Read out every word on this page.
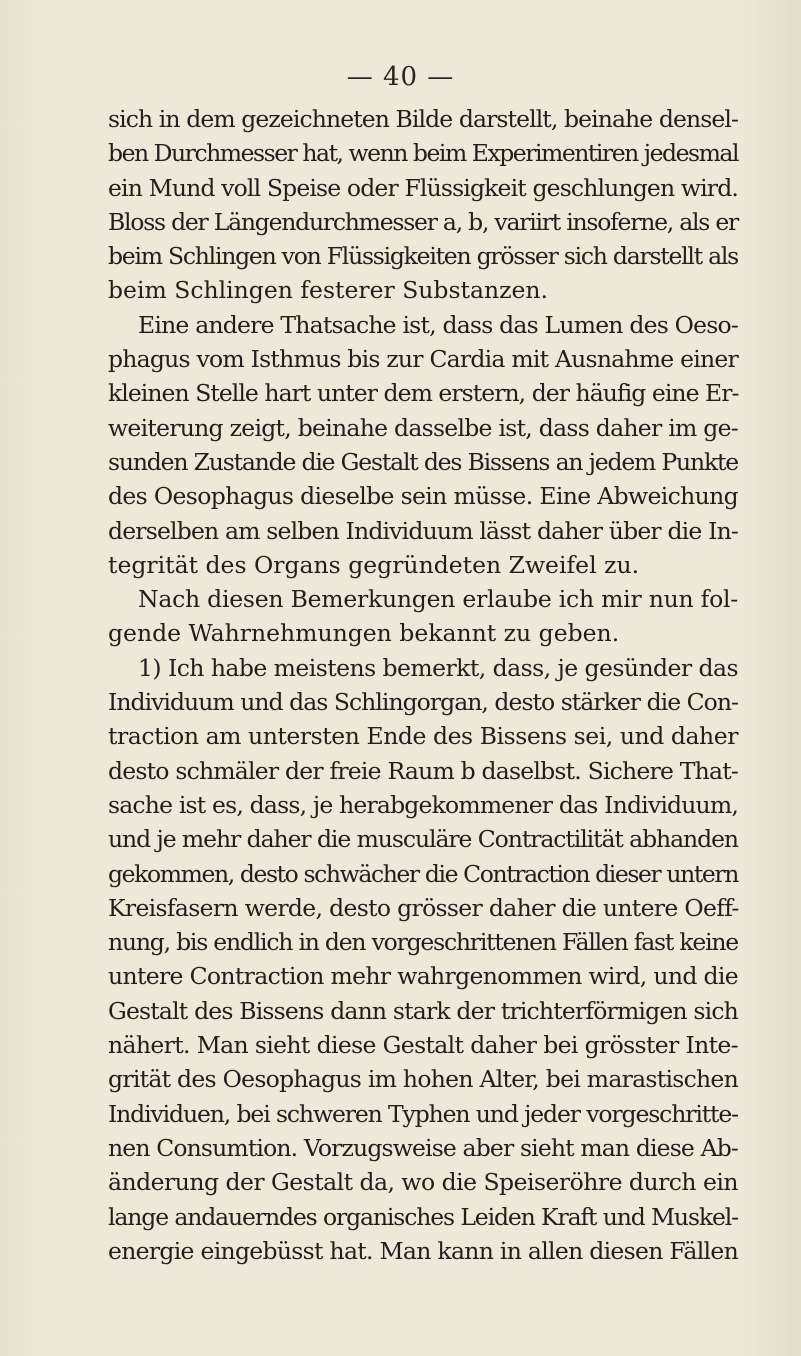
— 40 —
sich in dem gezeichneten Bilde darstellt, beinahe densel-
ben Durchmesser hat, wenn beim Experimentiren jedesmal
ein Mund voll Speise oder Flüssigkeit geschlungen wird.
Bloss der Längendurchmesser a, b, variirt insoferne, als er
beim Schlingen von Flüssigkeiten grösser sich darstellt als
beim Schlingen festerer Substanzen.
Eine andere Thatsache ist, dass das Lumen des Oeso-
phagus vom Isthmus bis zur Cardia mit Ausnahme einer
kleinen Stelle hart unter dem erstern, der häufig eine Er-
weiterung zeigt, beinahe dasselbe ist, dass daher im ge-
sunden Zustande die Gestalt des Bissens an jedem Punkte
des Oesophagus dieselbe sein müsse. Eine Abweichung
derselben am selben Individuum lässt daher über die In-
tegrität des Organs gegründeten Zweifel zu.
Nach diesen Bemerkungen erlaube ich mir nun fol-
gende Wahrnehmungen bekannt zu geben.
1) Ich habe meistens bemerkt, dass, je gesünder das
Individuum und das Schlingorgan, desto stärker die Con-
traction am untersten Ende des Bissens sei, und daher
desto schmäler der freie Raum b daselbst. Sichere That-
sache ist es, dass, je herabgekommener das Individuum,
und je mehr daher die musculäre Contractilität abhanden
gekommen, desto schwächer die Contraction dieser untern
Kreisfasern werde, desto grösser daher die untere Oeff-
nung, bis endlich in den vorgeschrittenen Fällen fast keine
untere Contraction mehr wahrgenommen wird, und die
Gestalt des Bissens dann stark der trichterförmigen sich
nähert. Man sieht diese Gestalt daher bei grösster Inte-
grität des Oesophagus im hohen Alter, bei marastischen
Individuen, bei schweren Typhen und jeder vorgeschritte-
nen Consumtion. Vorzugsweise aber sieht man diese Ab-
änderung der Gestalt da, wo die Speiseröhre durch ein
lange andauerndes organisches Leiden Kraft und Muskel-
energie eingebüsst hat. Man kann in allen diesen Fällen
